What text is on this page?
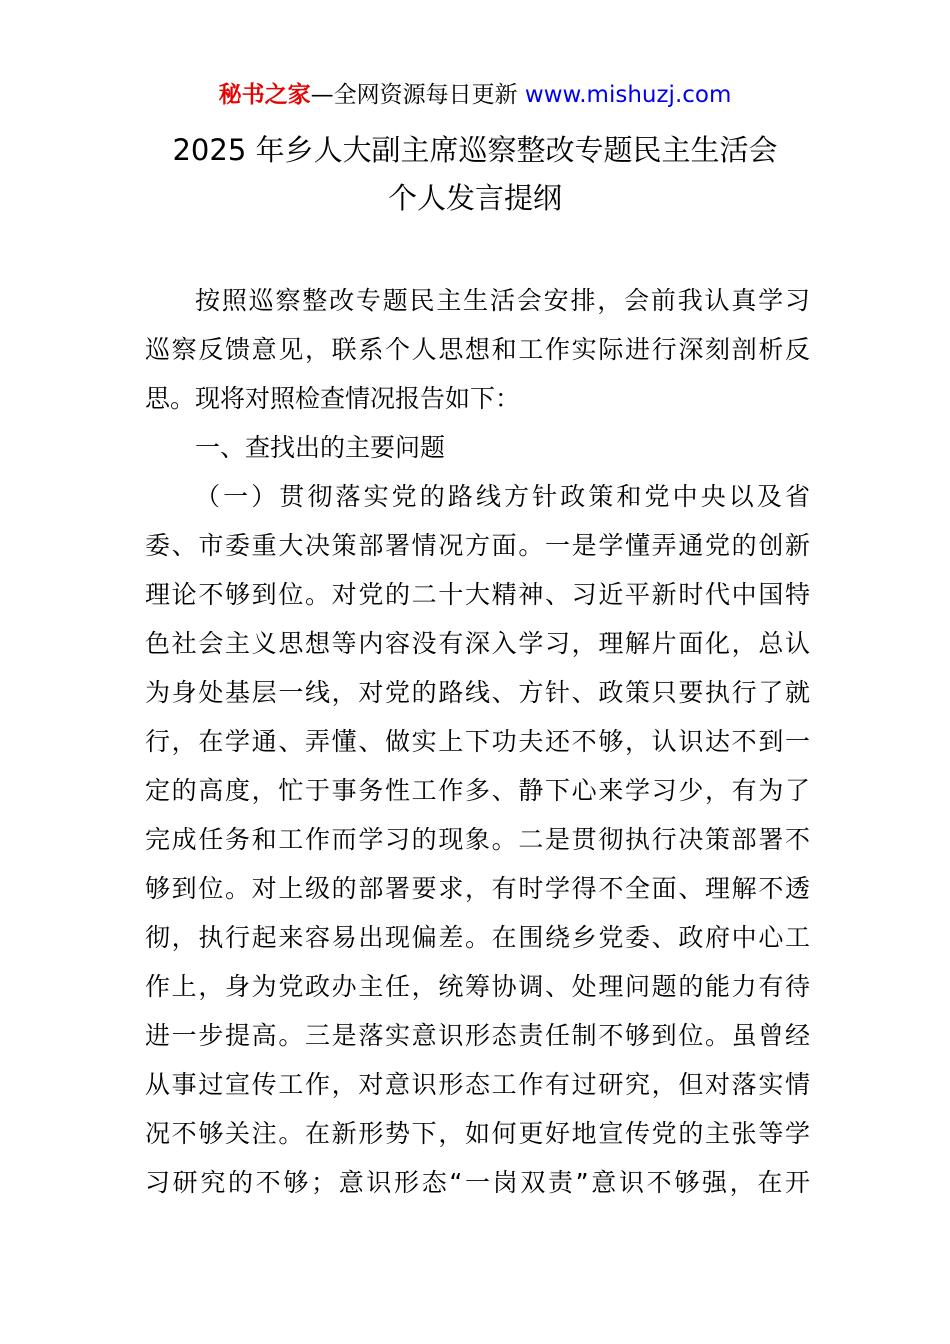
秘书之家—全网资源每日更新 www.mishuzj.com
2025 年乡人大副主席巡察整改专题民主生活会
个人发言提纲
按照巡察整改专题民主生活会安排，会前我认真学习
巡察反馈意见，联系个人思想和工作实际进行深刻剖析反
思。现将对照检查情况报告如下：
一、查找出的主要问题
（一）贯彻落实党的路线方针政策和党中央以及省
委、市委重大决策部署情况方面。一是学懂弄通党的创新
理论不够到位。对党的二十大精神、习近平新时代中国特
色社会主义思想等内容没有深入学习，理解片面化，总认
为身处基层一线，对党的路线、方针、政策只要执行了就
行，在学通、弄懂、做实上下功夫还不够，认识达不到一
定的高度，忙于事务性工作多、静下心来学习少，有为了
完成任务和工作而学习的现象。二是贯彻执行决策部署不
够到位。对上级的部署要求，有时学得不全面、理解不透
彻，执行起来容易出现偏差。在围绕乡党委、政府中心工
作上，身为党政办主任，统筹协调、处理问题的能力有待
进一步提高。三是落实意识形态责任制不够到位。虽曾经
从事过宣传工作，对意识形态工作有过研究，但对落实情
况不够关注。在新形势下，如何更好地宣传党的主张等学
习研究的不够；意识形态“一岗双责”意识不够强，在开
